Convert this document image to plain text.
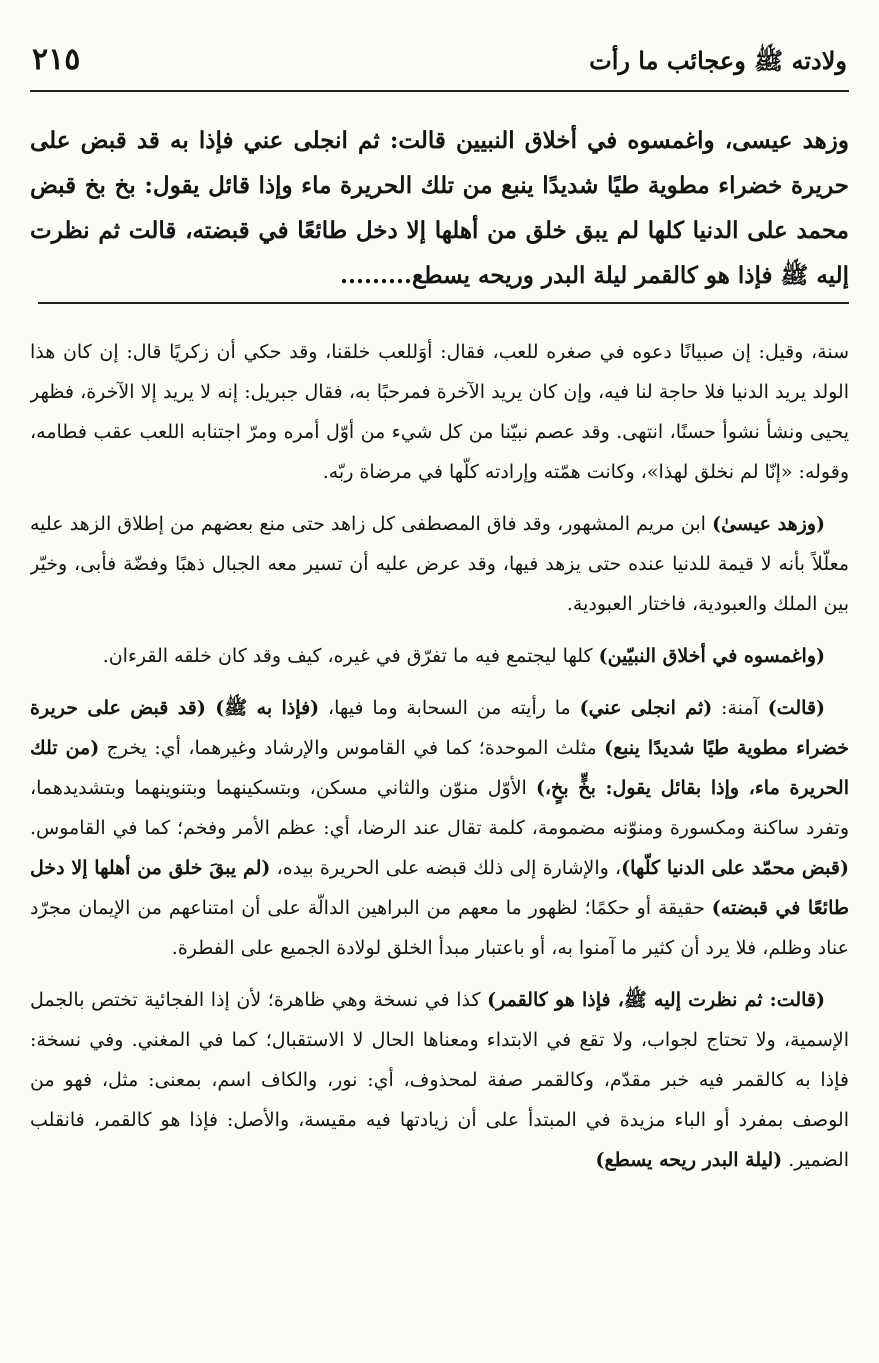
٢١٥	ولادته ﷺ وعجائب ما رأت
وزهد عيسى، واغمسوه في أخلاق النبيين قالت: ثم انجلى عني فإذا به قد قبض على حريرة خضراء مطوية طيًا شديدًا ينبع من تلك الحريرة ماء وإذا قائل يقول: بخ بخ قبض محمد على الدنيا كلها لم يبق خلق من أهلها إلا دخل طائعًا في قبضته، قالت ثم نظرت إليه ﷺ فإذا هو كالقمر ليلة البدر وريحه يسطع.........

سنة، وقيل: إن صبيانًا دعوه في صغره للعب، فقال: أوَللعب خلقنا، وقد حكي أن زكريًا قال: إن كان هذا الولد يريد الدنيا فلا حاجة لنا فيه، وإن كان يريد الآخرة فمرحبًا به، فقال جبريل: إنه لا يريد إلا الآخرة، فظهر يحيى ونشأ نشوأ حسنًا، انتهى. وقد عصم نبيّنا من كل شيء من أوّل أمره ومرّ اجتنابه اللعب عقب فطامه، وقوله: «إنّا لم نخلق لهذا»، وكانت همّته وإرادته كلّها في مرضاة ربّه.

(وزهد عيسىٰ) ابن مريم المشهور، وقد فاق المصطفى كل زاهد حتى منع بعضهم من إطلاق الزهد عليه معلّلاً بأنه لا قيمة للدنيا عنده حتى يزهد فيها، وقد عرض عليه أن تسير معه الجبال ذهبًا وفضّة فأبى، وخيّر بين الملك والعبودية، فاختار العبودية.

(واغمسوه في أخلاق النبيّين) كلها ليجتمع فيه ما تفرّق في غيره، كيف وقد كان خلقه القرءان.

(قالت) آمنة: (ثم انجلى عني) ما رأيته من السحابة وما فيها، (فإذا به ﷺ) (قد قبض على حريرة خضراء مطوية طيًا شديدًا ينبع) مثلث الموحدة؛ كما في القاموس والإرشاد وغيرهما، أي: يخرج (من تلك الحريرة ماء، وإذا بقائل يقول: بخٍّ بخٍ،) الأوّل منوّن والثاني مسكن، وبتسكينهما وبتنوينهما وبتشديدهما، وتفرد ساكنة ومكسورة ومنوّنه مضمومة، كلمة تقال عند الرضا، أي: عظم الأمر وفخم؛ كما في القاموس. (قبض محمّد على الدنيا كلّها)، والإشارة إلى ذلك قبضه على الحريرة بيده، (لم يبقَ خلق من أهلها إلا دخل طائعًا في قبضته) حقيقة أو حكمًا؛ لظهور ما معهم من البراهين الدالّة على أن امتناعهم من الإيمان مجرّد عناد وظلم، فلا يرد أن كثير ما آمنوا به، أو باعتبار مبدأ الخلق لولادة الجميع على الفطرة.

(قالت: ثم نظرت إليه ﷺ، فإذا هو كالقمر) كذا في نسخة وهي ظاهرة؛ لأن إذا الفجائية تختص بالجمل الإسمية، ولا تحتاج لجواب، ولا تقع في الابتداء ومعناها الحال لا الاستقبال؛ كما في المغني. وفي نسخة: فإذا به كالقمر فيه خبر مقدّم، وكالقمر صفة لمحذوف، أي: نور، والكاف اسم، بمعنى: مثل، فهو من الوصف بمفرد أو الباء مزيدة في المبتدأ على أن زيادتها فيه مقيسة، والأصل: فإذا هو كالقمر، فانقلب الضمير. (ليلة البدر ريحه يسطع)
